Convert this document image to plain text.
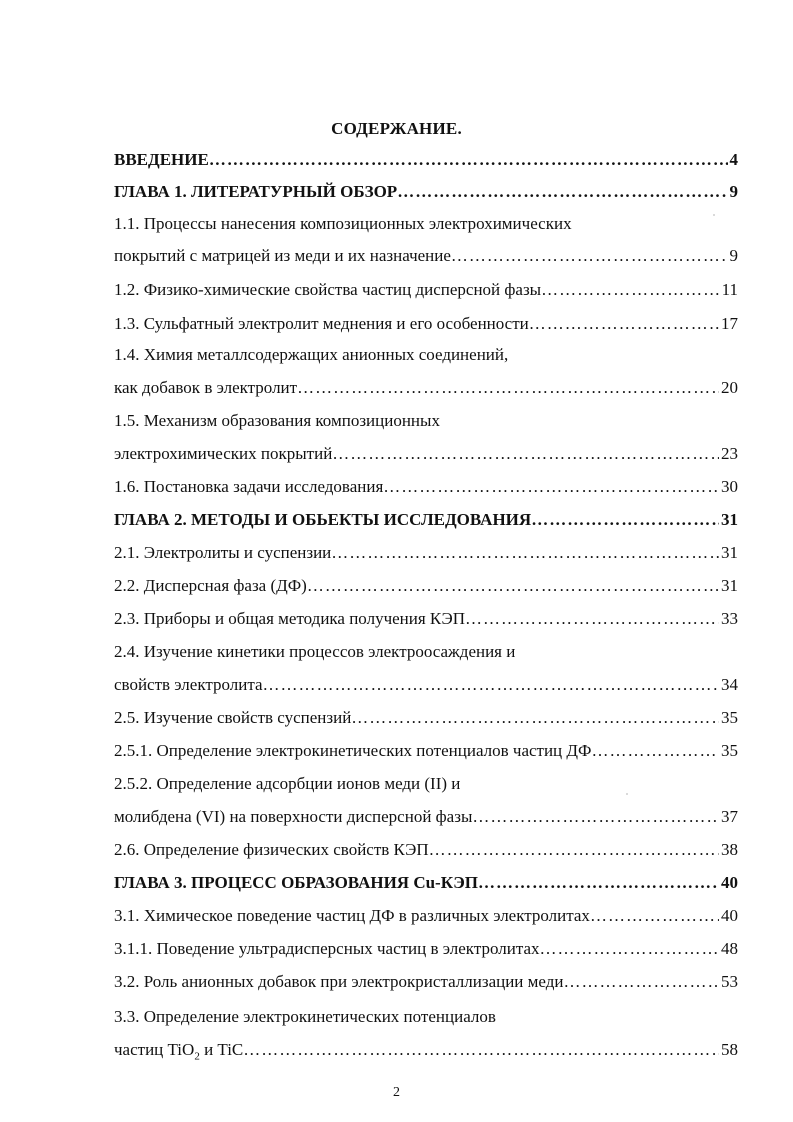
СОДЕРЖАНИЕ.
ВВЕДЕНИЕ ………………………………………………………………………………………………………………………………………………………………………………………………	4
ГЛАВА 1. ЛИТЕРАТУРНЫЙ ОБЗОР ………………………………………………………………………………………………………………………………………………………………………………………………	9
1.1. Процессы нанесения композиционных электрохимических
покрытий с матрицей из меди и их назначение ………………………………………………………………………………………………………………………………………………………………………………………………	9
1.2. Физико-химические свойства частиц дисперсной фазы ………………………………………………………………………………………………………………………………………………………………………………………………	11
1.3. Сульфатный электролит меднения и его особенности ………………………………………………………………………………………………………………………………………………………………………………………………	17
1.4. Химия металлсодержащих анионных соединений,
как добавок в электролит ………………………………………………………………………………………………………………………………………………………………………………………………	20
1.5. Механизм образования композиционных
электрохимических покрытий ………………………………………………………………………………………………………………………………………………………………………………………………	23
1.6. Постановка задачи исследования ………………………………………………………………………………………………………………………………………………………………………………………………	30
ГЛАВА 2. МЕТОДЫ И ОБЬЕКТЫ ИССЛЕДОВАНИЯ ………………………………………………………………………………………………………………………………………………………………………………………………	31
2.1. Электролиты и суспензии ………………………………………………………………………………………………………………………………………………………………………………………………	31
2.2. Дисперсная фаза (ДФ) ………………………………………………………………………………………………………………………………………………………………………………………………	31
2.3. Приборы и общая методика получения КЭП ………………………………………………………………………………………………………………………………………………………………………………………………	33
2.4. Изучение кинетики процессов электроосаждения и
свойств электролита ………………………………………………………………………………………………………………………………………………………………………………………………	34
2.5. Изучение свойств суспензий ………………………………………………………………………………………………………………………………………………………………………………………………	35
2.5.1. Определение электрокинетических потенциалов частиц ДФ ………………………………………………………………………………………………………………………………………………………………………………………………	35
2.5.2. Определение адсорбции ионов меди (II) и
молибдена (VI) на поверхности дисперсной фазы ………………………………………………………………………………………………………………………………………………………………………………………………	37
2.6. Определение физических свойств КЭП ………………………………………………………………………………………………………………………………………………………………………………………………	38
ГЛАВА 3. ПРОЦЕСС ОБРАЗОВАНИЯ Cu-КЭП ………………………………………………………………………………………………………………………………………………………………………………………………	40
3.1. Химическое поведение частиц ДФ в различных электролитах ………………………………………………………………………………………………………………………………………………………………………………………………	40
3.1.1. Поведение ультрадисперсных частиц в электролитах ………………………………………………………………………………………………………………………………………………………………………………………………	48
3.2. Роль анионных добавок при электрокристаллизации меди ………………………………………………………………………………………………………………………………………………………………………………………………	53
3.3. Определение электрокинетических потенциалов
частиц TiO$_2$ и TiC ………………………………………………………………………………………………………………………………………………………………………………………………	58
2
